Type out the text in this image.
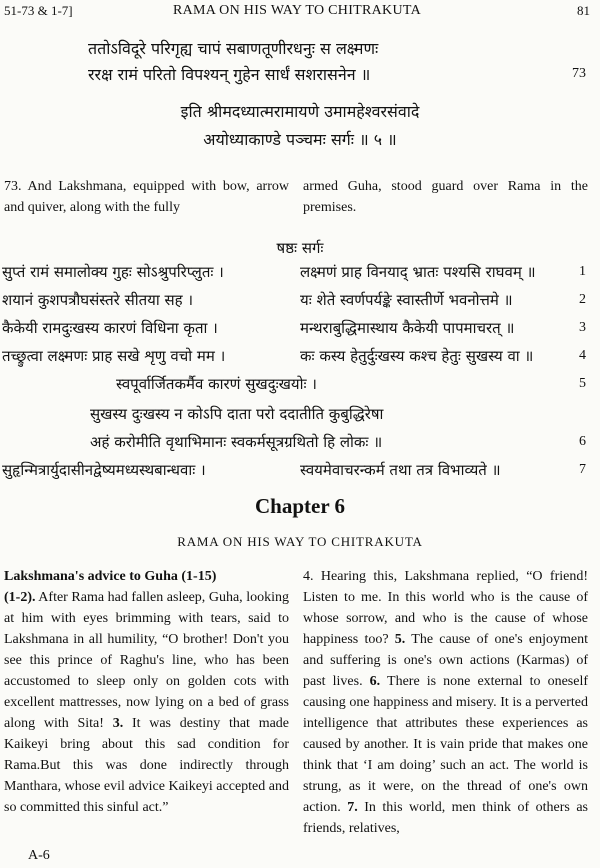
51-73 & 1-7]	RAMA ON HIS WAY TO CHITRAKUTA	81
ततोऽविदूरे परिगृह्य चापं सबाणतूणीरधनुः स लक्ष्मणः
ररक्ष रामं परितो विपश्यन् गुहेन सार्धं सशरासनेन ॥	73
इति श्रीमदध्यात्मरामायणे उमामहेश्वरसंवादे
अयोध्याकाण्डे पञ्चमः सर्गः ॥ ५ ॥
73. And Lakshmana, equipped with bow, arrow and quiver, along with the fully
armed Guha, stood guard over Rama in the premises.
षष्ठः सर्गः
सुप्तं रामं समालोक्य गुहः सोऽश्रुपरिप्लुतः ।	लक्ष्मणं प्राह विनयाद् भ्रातः पश्यसि राघवम् ॥	1
शयानं कुशपत्रौघसंस्तरे सीतया सह ।	यः शेते स्वर्णपर्यङ्के स्वास्तीर्णे भवनोत्तमे ॥	2
कैकेयी रामदुःखस्य कारणं विधिना कृता ।	मन्थराबुद्धिमास्थाय कैकेयी पापमाचरत् ॥	3
तच्छ्रुत्वा लक्ष्मणः प्राह सखे शृणु वचो मम ।	कः कस्य हेतुर्दुःखस्य कश्च हेतुः सुखस्य वा ॥	4
स्वपूर्वार्जितकर्मैव कारणं सुखदुःखयोः ।	5
सुखस्य दुःखस्य न कोऽपि दाता परो ददातीति कुबुद्धिरेषा
अहं करोमीति वृथाभिमानः स्वकर्मसूत्रग्रथितो हि लोकः ॥	6
सुहृन्मित्रार्युदासीनद्वेष्यमध्यस्थबान्धवाः ।	स्वयमेवाचरन्कर्म तथा तत्र विभाव्यते ॥	7
Chapter 6
RAMA ON HIS WAY TO CHITRAKUTA
Lakshmana's advice to Guha (1-15)
(1-2). After Rama had fallen asleep, Guha, looking at him with eyes brimming with tears, said to Lakshmana in all humility, “O brother! Don't you see this prince of Raghu's line, who has been accustomed to sleep only on golden cots with excellent mattresses, now lying on a bed of grass along with Sita! 3. It was destiny that made Kaikeyi bring about this sad condition for Rama.But this was done indirectly through Manthara, whose evil advice Kaikeyi accepted and so committed this sinful act.”
4. Hearing this, Lakshmana replied, “O friend! Listen to me. In this world who is the cause of whose sorrow, and who is the cause of whose happiness too? 5. The cause of one's enjoyment and suffering is one's own actions (Karmas) of past lives. 6. There is none external to oneself causing one happiness and misery. It is a perverted intelligence that attributes these experiences as caused by another. It is vain pride that makes one think that ‘I am doing’ such an act. The world is strung, as it were, on the thread of one's own action. 7. In this world, men think of others as friends, relatives,
A-6
